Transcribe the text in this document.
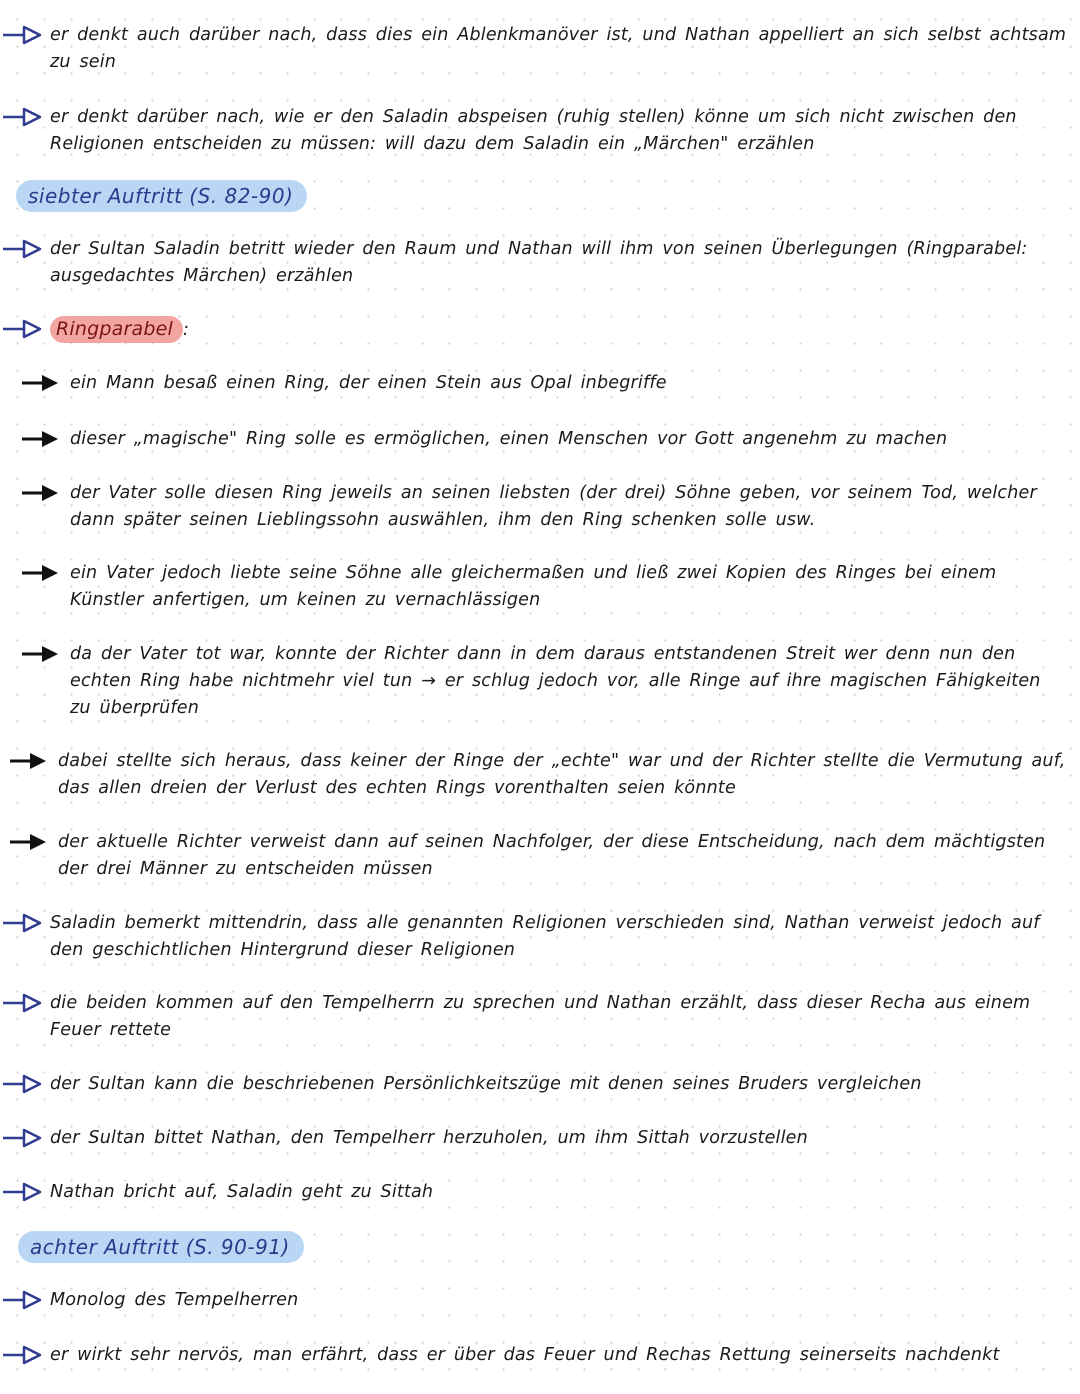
er denkt auch darüber nach, dass dies ein Ablenkmanöver ist, und Nathan appelliert an sich selbst achtsam zu sein
er denkt darüber nach, wie er den Saladin abspeisen (ruhig stellen) könne um sich nicht zwischen den Religionen entscheiden zu müssen: will dazu dem Saladin ein „Märchen" erzählen
siebter Auftritt (S. 82-90)
der Sultan Saladin betritt wieder den Raum und Nathan will ihm von seinen Überlegungen (Ringparabel: ausgedachtes Märchen) erzählen
Ringparabel :
ein Mann besaß einen Ring, der einen Stein aus Opal inbegriffe
dieser „magische" Ring solle es ermöglichen, einen Menschen vor Gott angenehm zu machen
der Vater solle diesen Ring jeweils an seinen liebsten (der drei) Söhne geben, vor seinem Tod, welcher dann später seinen Lieblingssohn auswählen, ihm den Ring schenken solle usw.
ein Vater jedoch liebte seine Söhne alle gleichermaßen und ließ zwei Kopien des Ringes bei einem Künstler anfertigen, um keinen zu vernachlässigen
da der Vater tot war, konnte der Richter dann in dem daraus entstandenen Streit wer denn nun den echten Ring habe nichtmehr viel tun → er schlug jedoch vor, alle Ringe auf ihre magischen Fähigkeiten zu überprüfen
dabei stellte sich heraus, dass keiner der Ringe der „echte" war und der Richter stellte die Vermutung auf, das allen dreien der Verlust des echten Rings vorenthalten seien könnte
der aktuelle Richter verweist dann auf seinen Nachfolger, der diese Entscheidung, nach dem mächtigsten der drei Männer zu entscheiden müssen
Saladin bemerkt mittendrin, dass alle genannten Religionen verschieden sind, Nathan verweist jedoch auf den geschichtlichen Hintergrund dieser Religionen
die beiden kommen auf den Tempelherrn zu sprechen und Nathan erzählt, dass dieser Recha aus einem Feuer rettete
der Sultan kann die beschriebenen Persönlichkeitszüge mit denen seines Bruders vergleichen
der Sultan bittet Nathan, den Tempelherr herzuholen, um ihm Sittah vorzustellen
Nathan bricht auf, Saladin geht zu Sittah
achter Auftritt (S. 90-91)
Monolog des Tempelherren
er wirkt sehr nervös, man erfährt, dass er über das Feuer und Rechas Rettung seinerseits nachdenkt
